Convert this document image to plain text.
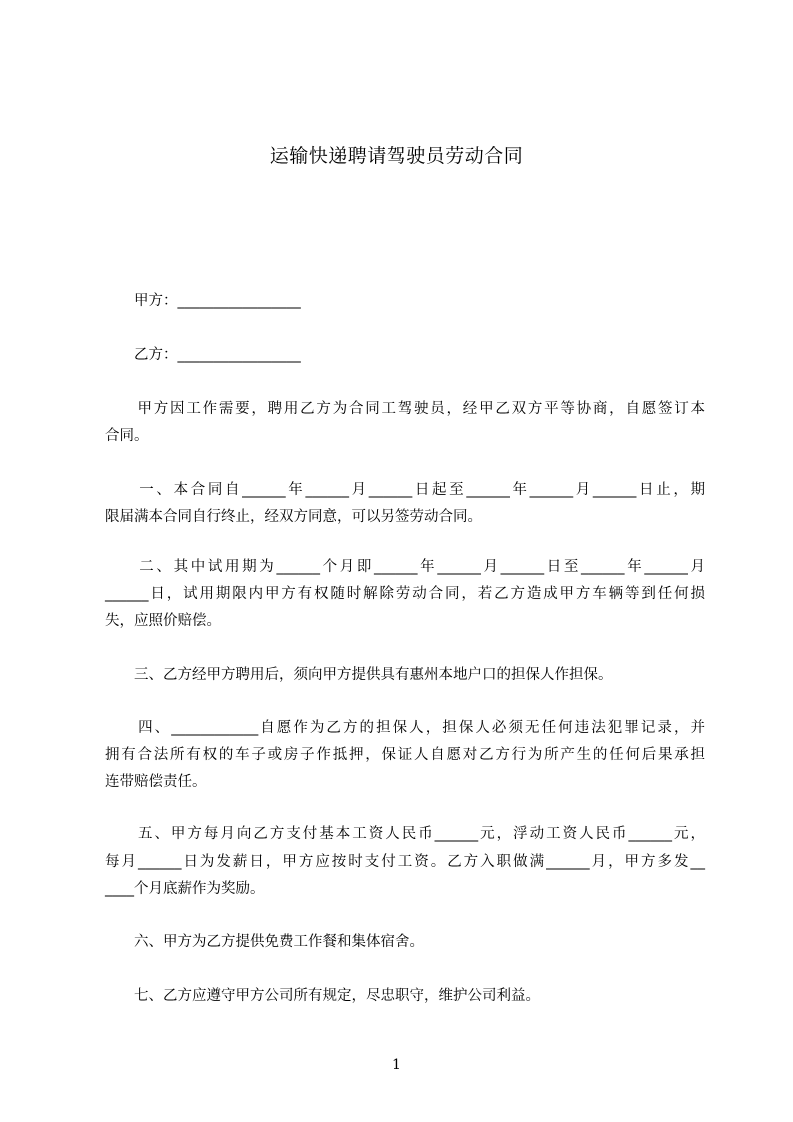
运输快递聘请驾驶员劳动合同

　　甲方：_________________

　　乙方：_________________

　　甲方因工作需要，聘用乙方为合同工驾驶员，经甲乙双方平等协商，自愿签订本

合同。

　　一、本合同自______年______月______日起至______年______月______日止，期

限届满本合同自行终止，经双方同意，可以另签劳动合同。

　　二、其中试用期为______个月即______年______月______日至______年______月

______日，试用期限内甲方有权随时解除劳动合同，若乙方造成甲方车辆等到任何损

失，应照价赔偿。

　　三、乙方经甲方聘用后，须向甲方提供具有惠州本地户口的担保人作担保。

　　四、____________自愿作为乙方的担保人，担保人必须无任何违法犯罪记录，并

拥有合法所有权的车子或房子作抵押，保证人自愿对乙方行为所产生的任何后果承担

连带赔偿责任。

　　五、甲方每月向乙方支付基本工资人民币______元，浮动工资人民币______元，

每月______日为发薪日，甲方应按时支付工资。乙方入职做满______月，甲方多发__

____个月底薪作为奖励。

　　六、甲方为乙方提供免费工作餐和集体宿舍。

　　七、乙方应遵守甲方公司所有规定，尽忠职守，维护公司利益。

1
